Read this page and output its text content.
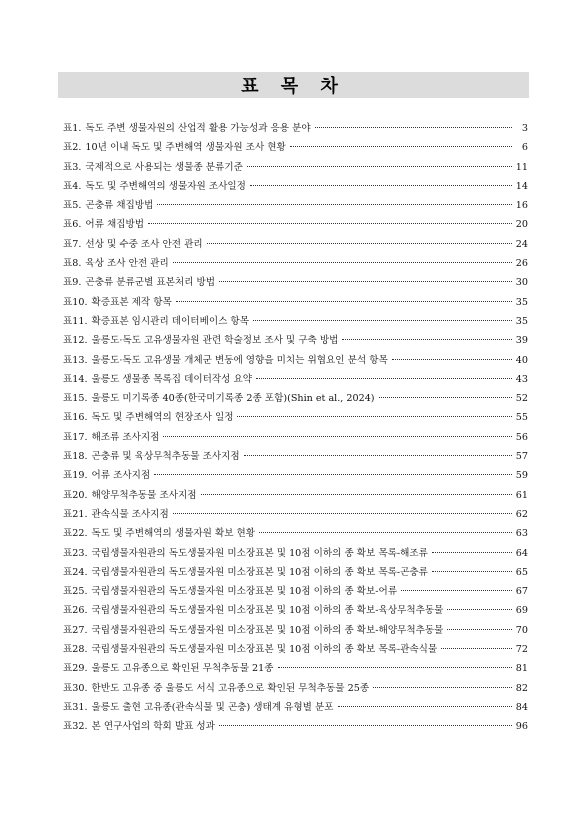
표 목 차
표1. 독도 주변 생물자원의 산업적 활용 가능성과 응용 분야	3
표2. 10년 이내 독도 및 주변해역 생물자원 조사 현황	6
표3. 국제적으로 사용되는 생물종 분류기준	11
표4. 독도 및 주변해역의 생물자원 조사일정	14
표5. 곤충류 채집방법	16
표6. 어류 채집방법	20
표7. 선상 및 수중 조사 안전 관리	24
표8. 육상 조사 안전 관리	26
표9. 곤충류 분류군별 표본처리 방법	30
표10. 확증표본 제작 항목	35
표11. 확증표본 임시관리 데이터베이스 항목	35
표12. 울릉도·독도 고유생물자원 관련 학술정보 조사 및 구축 방법	39
표13. 울릉도·독도 고유생물 개체군 변동에 영향을 미치는 위협요인 분석 항목	40
표14. 울릉도 생물종 목록집 데이터작성 요약	43
표15. 울릉도 미기록종 40종(한국미기록종 2종 포함)(Shin et al., 2024)	52
표16. 독도 및 주변해역의 현장조사 일정	55
표17. 해조류 조사지점	56
표18. 곤충류 및 육상무척추동물 조사지점	57
표19. 어류 조사지점	59
표20. 해양무척추동물 조사지점	61
표21. 관속식물 조사지점	62
표22. 독도 및 주변해역의 생물자원 확보 현황	63
표23. 국립생물자원관의 독도생물자원 미소장표본 및 10점 이하의 종 확보 목록-해조류	64
표24. 국립생물자원관의 독도생물자원 미소장표본 및 10점 이하의 종 확보 목록-곤충류	65
표25. 국립생물자원관의 독도생물자원 미소장표본 및 10점 이하의 종 확보-어류	67
표26. 국립생물자원관의 독도생물자원 미소장표본 및 10점 이하의 종 확보-육상무척추동물	69
표27. 국립생물자원관의 독도생물자원 미소장표본 및 10점 이하의 종 확보-해양무척추동물	70
표28. 국립생물자원관의 독도생물자원 미소장표본 및 10점 이하의 종 확보 목록-관속식물	72
표29. 울릉도 고유종으로 확인된 무척추동물 21종	81
표30. 한반도 고유종 중 울릉도 서식 고유종으로 확인된 무척추동물 25종	82
표31. 울릉도 출현 고유종(관속식물 및 곤충) 생태계 유형별 분포	84
표32. 본 연구사업의 학회 발표 성과	96
